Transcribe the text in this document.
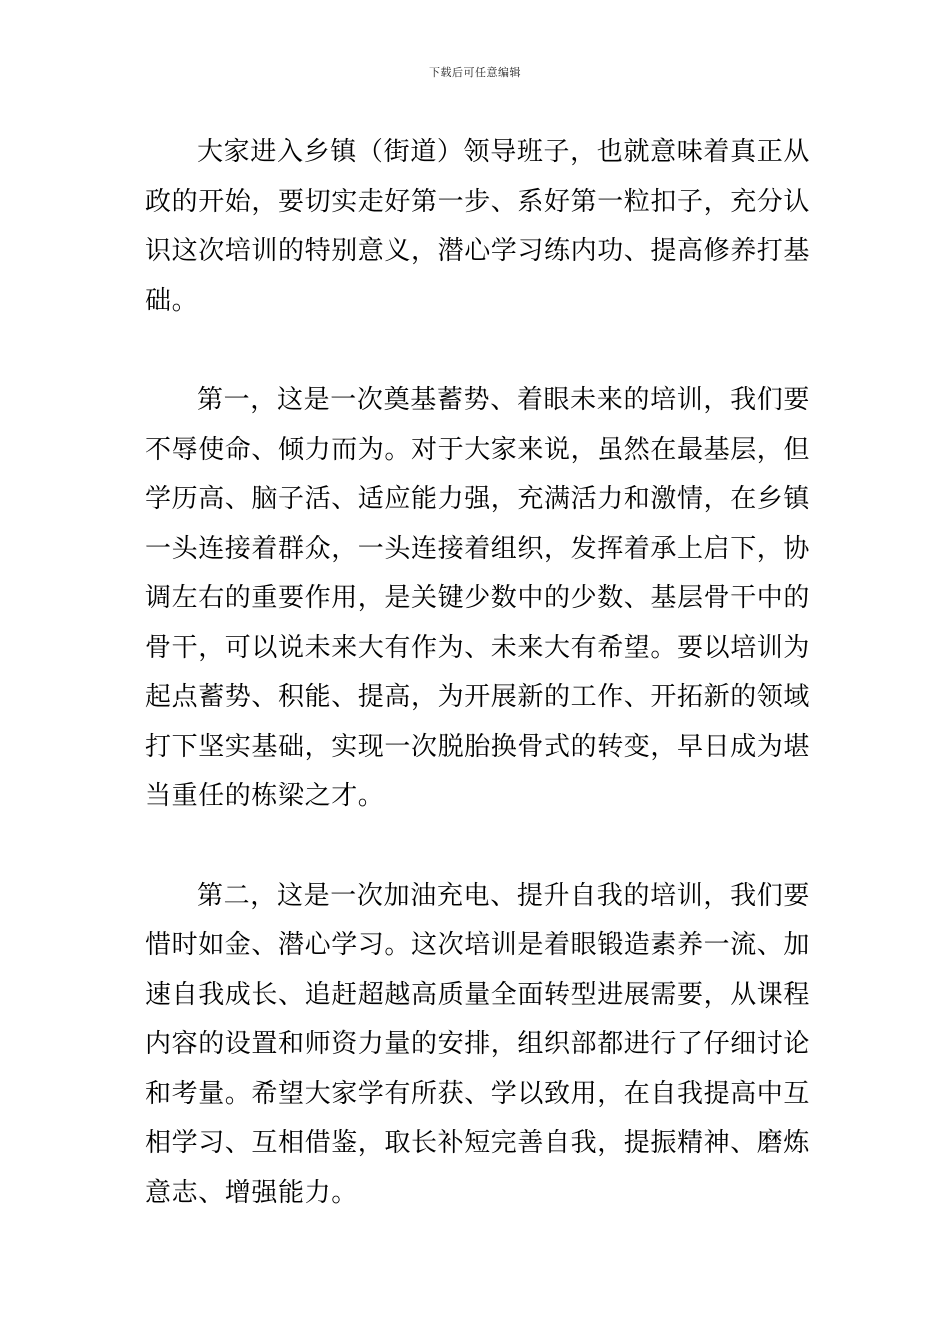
下载后可任意编辑

大家进入乡镇（街道）领导班子，也就意味着真正从政的开始，要切实走好第一步、系好第一粒扣子，充分认识这次培训的特别意义，潜心学习练内功、提高修养打基础。

第一，这是一次奠基蓄势、着眼未来的培训，我们要不辱使命、倾力而为。对于大家来说，虽然在最基层，但学历高、脑子活、适应能力强，充满活力和激情，在乡镇一头连接着群众，一头连接着组织，发挥着承上启下，协调左右的重要作用，是关键少数中的少数、基层骨干中的骨干，可以说未来大有作为、未来大有希望。要以培训为起点蓄势、积能、提高，为开展新的工作、开拓新的领域打下坚实基础，实现一次脱胎换骨式的转变，早日成为堪当重任的栋梁之才。

第二，这是一次加油充电、提升自我的培训，我们要惜时如金、潜心学习。这次培训是着眼锻造素养一流、加速自我成长、追赶超越高质量全面转型进展需要，从课程内容的设置和师资力量的安排，组织部都进行了仔细讨论和考量。希望大家学有所获、学以致用，在自我提高中互相学习、互相借鉴，取长补短完善自我，提振精神、磨炼意志、增强能力。
